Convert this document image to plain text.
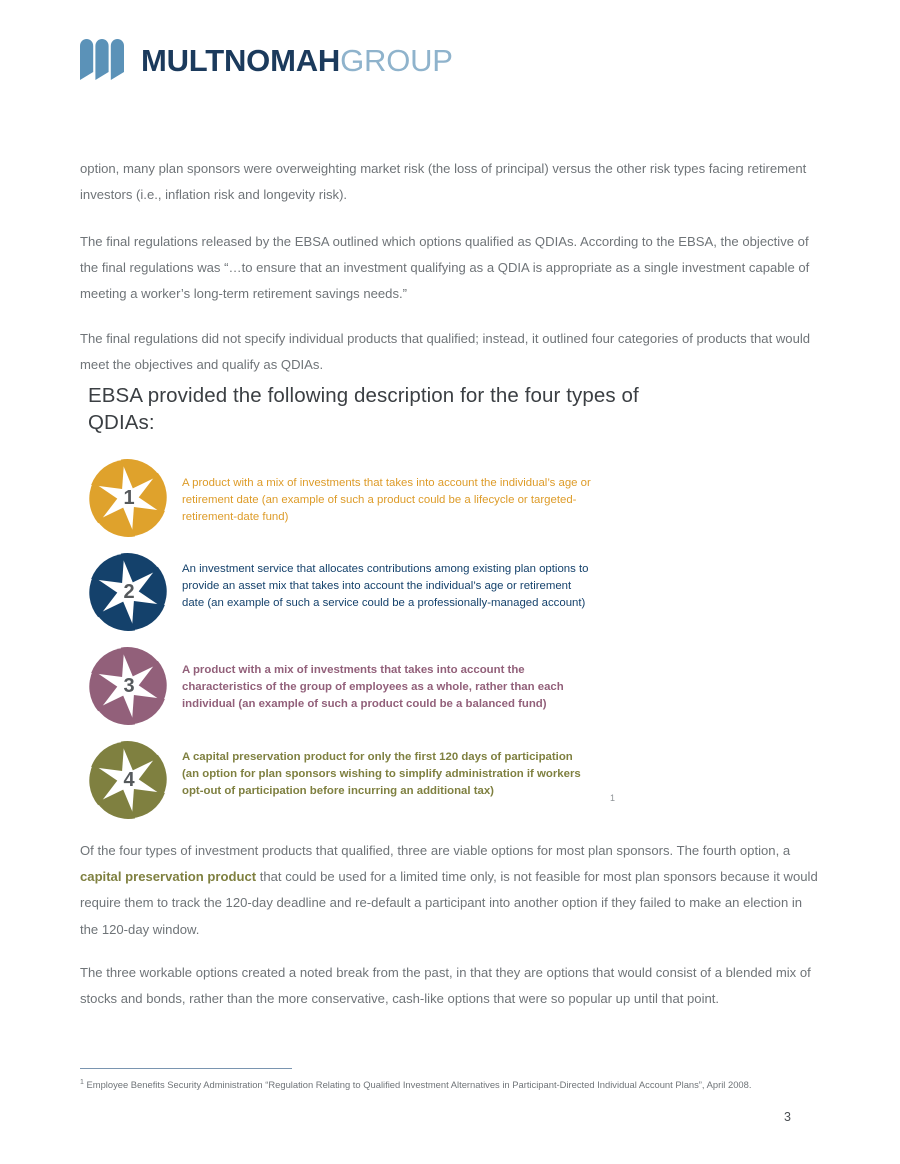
MULTNOMAHGROUP
option, many plan sponsors were overweighting market risk (the loss of principal) versus the other risk types facing retirement investors (i.e., inflation risk and longevity risk).
The final regulations released by the EBSA outlined which options qualified as QDIAs. According to the EBSA, the objective of the final regulations was “…to ensure that an investment qualifying as a QDIA is appropriate as a single investment capable of meeting a worker’s long-term retirement savings needs.”
The final regulations did not specify individual products that qualified; instead, it outlined four categories of products that would meet the objectives and qualify as QDIAs.
EBSA provided the following description for the four types of QDIAs:
1
A product with a mix of investments that takes into account the individual’s age or retirement date (an example of such a product could be a lifecycle or targeted-retirement-date fund)
2
An investment service that allocates contributions among existing plan options to provide an asset mix that takes into account the individual’s age or retirement date (an example of such a service could be a professionally-managed account)
3
A product with a mix of investments that takes into account the characteristics of the group of employees as a whole, rather than each individual (an example of such a product could be a balanced fund)
4
A capital preservation product for only the first 120 days of participation (an option for plan sponsors wishing to simplify administration if workers opt-out of participation before incurring an additional tax)
1
Of the four types of investment products that qualified, three are viable options for most plan sponsors. The fourth option, a capital preservation product that could be used for a limited time only, is not feasible for most plan sponsors because it would require them to track the 120-day deadline and re-default a participant into another option if they failed to make an election in the 120-day window.
The three workable options created a noted break from the past, in that they are options that would consist of a blended mix of stocks and bonds, rather than the more conservative, cash-like options that were so popular up until that point.
$^1$ Employee Benefits Security Administration “Regulation Relating to Qualified Investment Alternatives in Participant-Directed Individual Account Plans”, April 2008.
3
